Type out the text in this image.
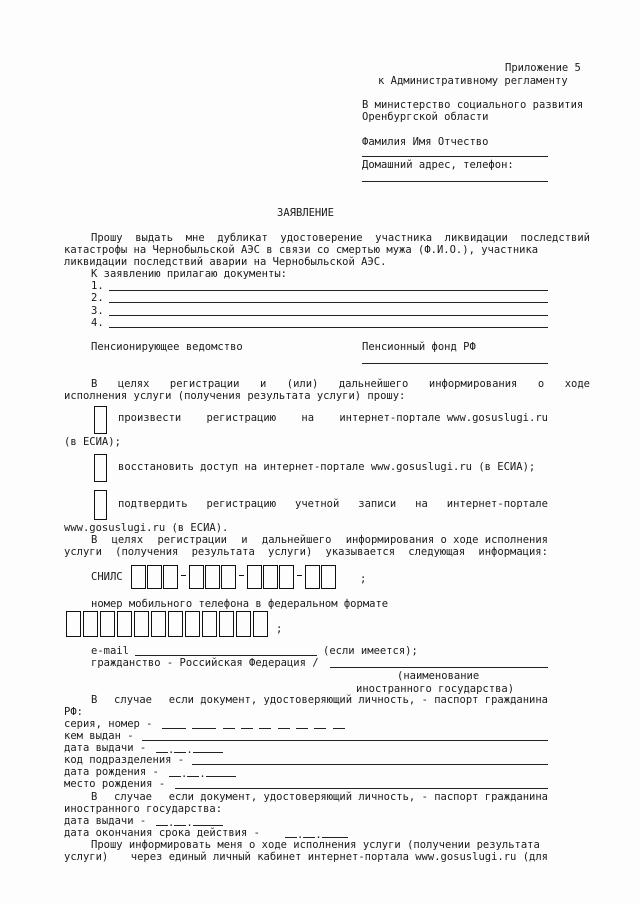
Приложение 5
к Административному регламенту
В министерство социального развития
Оренбургской области
Фамилия Имя Отчество
Домашний адрес, телефон:
ЗАЯВЛЕНИЕ
Прошу выдать мне дубликат удостоверение участника ликвидации последствий
катастрофы на Чернобыльской АЭС в связи со смертью мужа (Ф.И.О.), участника
ликвидации последствий аварии на Чернобыльской АЭС.
К заявлению прилагаю документы:
1.
2.
3.
4.
Пенсионирующее ведомство	Пенсионный фонд РФ
В целях регистрации и (или) дальнейшего информирования о ходе
исполнения услуги (получения результата услуги) прошу:
произвести регистрацию на интернет-портале www.gosuslugi.ru
(в ЕСИА);
восстановить доступ на интернет-портале www.gosuslugi.ru (в ЕСИА);
подтвердить регистрацию учетной записи на интернет-портале
www.gosuslugi.ru (в ЕСИА).
В целях регистрации и дальнейшего информирования о ходе исполнения
услуги (получения результата услуги) указывается следующая информация:
СНИЛС	;
номер мобильного телефона в федеральном формате
;
e-mail	(если имеется);
гражданство - Российская Федерация /
(наименование
иностранного государства)
В случае если документ, удостоверяющий личность, - паспорт гражданина
РФ:
серия, номер -

кем выдан -
дата выдачи -	. .
код подразделения -
дата рождения -	. .
место рождения -
В случае если документ, удостоверяющий личность, - паспорт гражданина
иностранного государства:
дата выдачи -	. .
дата окончания срока действия -	. .
Прошу информировать меня о ходе исполнения услуги (получении результата
услуги) через единый личный кабинет интернет-портала www.gosuslugi.ru (для
